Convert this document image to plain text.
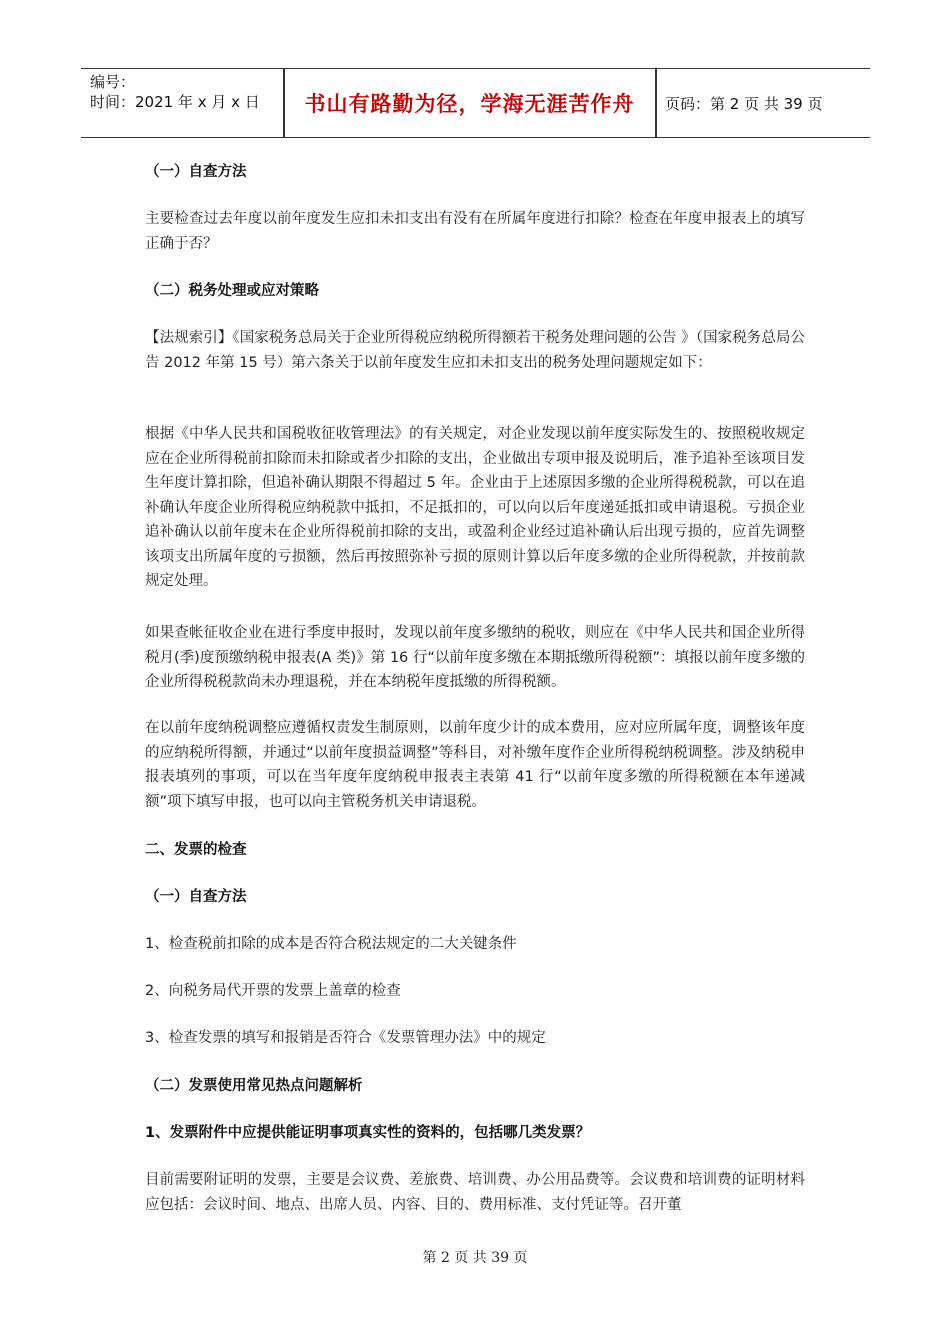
编号：
时间：2021 年 x 月 x 日	书山有路勤为径，学海无涯苦作舟	页码：第 2 页 共 39 页
（一）自查方法
主要检查过去年度以前年度发生应扣未扣支出有没有在所属年度进行扣除？检查在年度申报表上的填写正确于否？
（二）税务处理或应对策略
【法规索引】《国家税务总局关于企业所得税应纳税所得额若干税务处理问题的公告 》（国家税务总局公告 2012 年第 15 号）第六条关于以前年度发生应扣未扣支出的税务处理问题规定如下：
根据《中华人民共和国税收征收管理法》的有关规定，对企业发现以前年度实际发生的、按照税收规定应在企业所得税前扣除而未扣除或者少扣除的支出，企业做出专项申报及说明后，准予追补至该项目发生年度计算扣除，但追补确认期限不得超过 5 年。企业由于上述原因多缴的企业所得税税款，可以在追补确认年度企业所得税应纳税款中抵扣，不足抵扣的，可以向以后年度递延抵扣或申请退税。亏损企业追补确认以前年度未在企业所得税前扣除的支出，或盈利企业经过追补确认后出现亏损的，应首先调整该项支出所属年度的亏损额，然后再按照弥补亏损的原则计算以后年度多缴的企业所得税款，并按前款规定处理。
如果查帐征收企业在进行季度申报时，发现以前年度多缴纳的税收，则应在《中华人民共和国企业所得税月(季)度预缴纳税申报表(A 类)》第 16 行“以前年度多缴在本期抵缴所得税额”：填报以前年度多缴的企业所得税税款尚未办理退税，并在本纳税年度抵缴的所得税额。
在以前年度纳税调整应遵循权责发生制原则，以前年度少计的成本费用，应对应所属年度，调整该年度的应纳税所得额，并通过“以前年度损益调整”等科目，对补缴年度作企业所得税纳税调整。涉及纳税申报表填列的事项，可以在当年度年度纳税申报表主表第 41 行“以前年度多缴的所得税额在本年递减额”项下填写申报，也可以向主管税务机关申请退税。
二、发票的检查
（一）自查方法
1、检查税前扣除的成本是否符合税法规定的二大关键条件
2、向税务局代开票的发票上盖章的检查
3、检查发票的填写和报销是否符合《发票管理办法》中的规定
（二）发票使用常见热点问题解析
1、发票附件中应提供能证明事项真实性的资料的，包括哪几类发票？
目前需要附证明的发票，主要是会议费、差旅费、培训费、办公用品费等。会议费和培训费的证明材料应包括：会议时间、地点、出席人员、内容、目的、费用标准、支付凭证等。召开董
第 2 页 共 39 页
